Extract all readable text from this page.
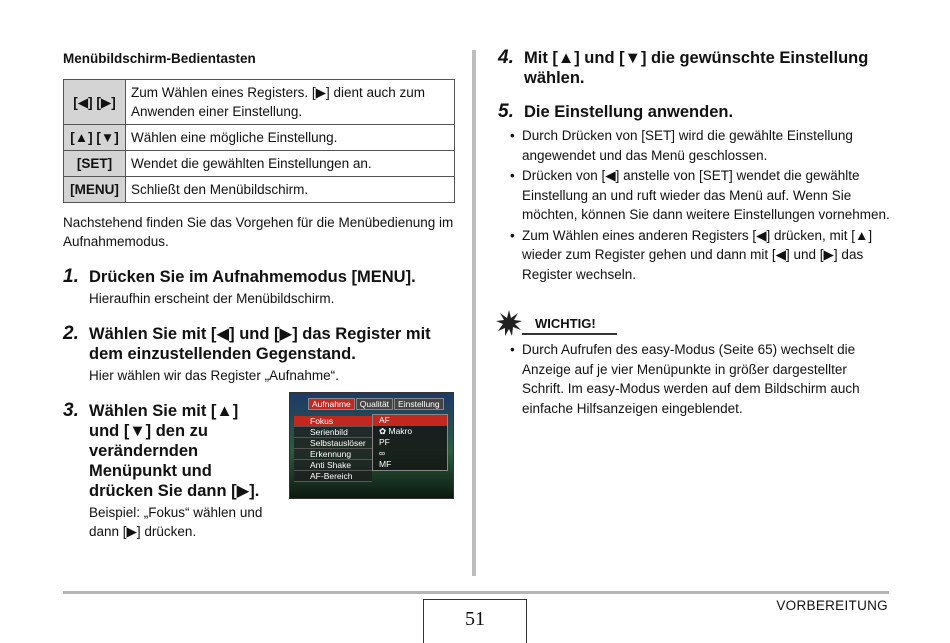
Menübildschirm-Bedientasten
[◀] [▶]	Zum Wählen eines Registers. [▶] dient auch zum Anwenden einer Einstellung.
[▲] [▼]	Wählen eine mögliche Einstellung.
[SET]	Wendet die gewählten Einstellungen an.
[MENU]	Schließt den Menübildschirm.
Nachstehend finden Sie das Vorgehen für die Menübedienung im Aufnahmemodus.
1. Drücken Sie im Aufnahmemodus [MENU].
Hieraufhin erscheint der Menübildschirm.
2. Wählen Sie mit [◀] und [▶] das Register mit dem einzustellenden Gegenstand.
Hier wählen wir das Register „Aufnahme“.
3. Wählen Sie mit [▲] und [▼] den zu verändernden Menüpunkt und drücken Sie dann [▶].
Beispiel: „Fokus“ wählen und dann [▶] drücken.
Aufnahme	Qualität	Einstellung
Fokus
Serienbild
Selbstauslöser
Erkennung
Anti Shake
AF-Bereich
AF
✿ Makro
PF
∞
MF
4. Mit [▲] und [▼] die gewünschte Einstellung wählen.
5. Die Einstellung anwenden.
• Durch Drücken von [SET] wird die gewählte Einstellung angewendet und das Menü geschlossen.
• Drücken von [◀] anstelle von [SET] wendet die gewählte Einstellung an und ruft wieder das Menü auf. Wenn Sie möchten, können Sie dann weitere Einstellungen vornehmen.
• Zum Wählen eines anderen Registers [◀] drücken, mit [▲] wieder zum Register gehen und dann mit [◀] und [▶] das Register wechseln.
WICHTIG!
• Durch Aufrufen des easy-Modus (Seite 65) wechselt die Anzeige auf je vier Menüpunkte in größer dargestellter Schrift. Im easy-Modus werden auf dem Bildschirm auch einfache Hilfsanzeigen eingeblendet.
51
VORBEREITUNG
